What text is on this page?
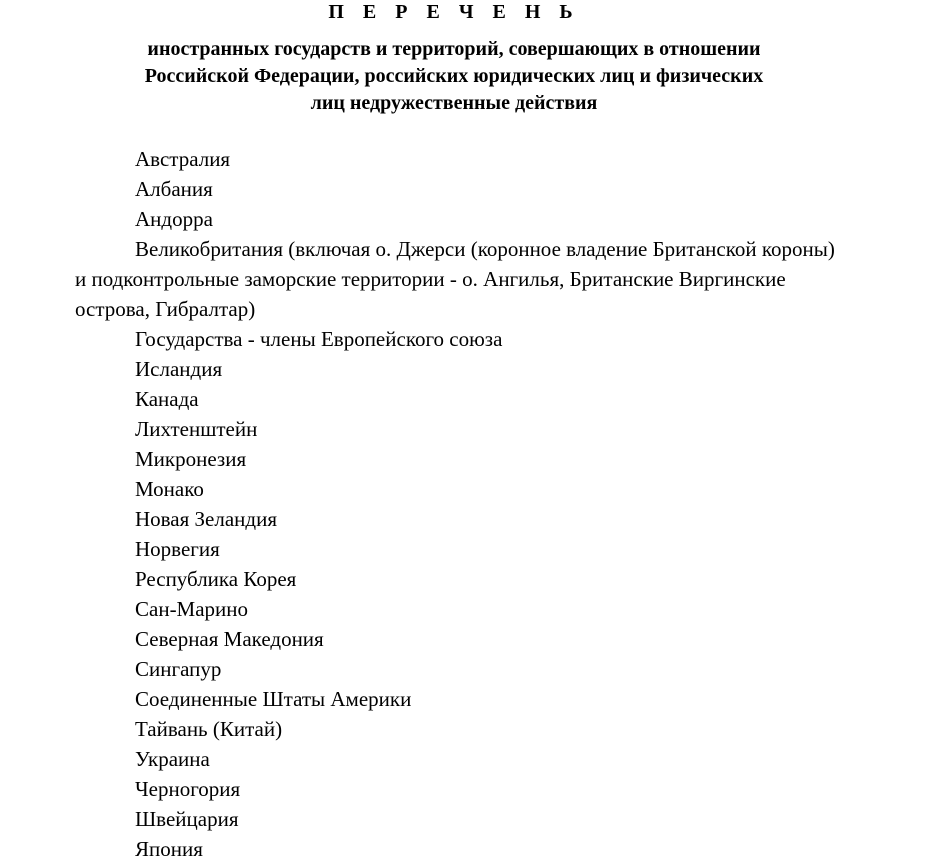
П Е Р Е Ч Е Н Ь
иностранных государств и территорий, совершающих в отношении
Российской Федерации, российских юридических лиц и физических
лиц недружественные действия
Австралия
Албания
Андорра
Великобритания (включая о. Джерси (коронное владение Британской короны) и подконтрольные заморские территории - о. Ангилья, Британские Виргинские острова, Гибралтар)
Государства - члены Европейского союза
Исландия
Канада
Лихтенштейн
Микронезия
Монако
Новая Зеландия
Норвегия
Республика Корея
Сан-Марино
Северная Македония
Сингапур
Соединенные Штаты Америки
Тайвань (Китай)
Украина
Черногория
Швейцария
Япония
